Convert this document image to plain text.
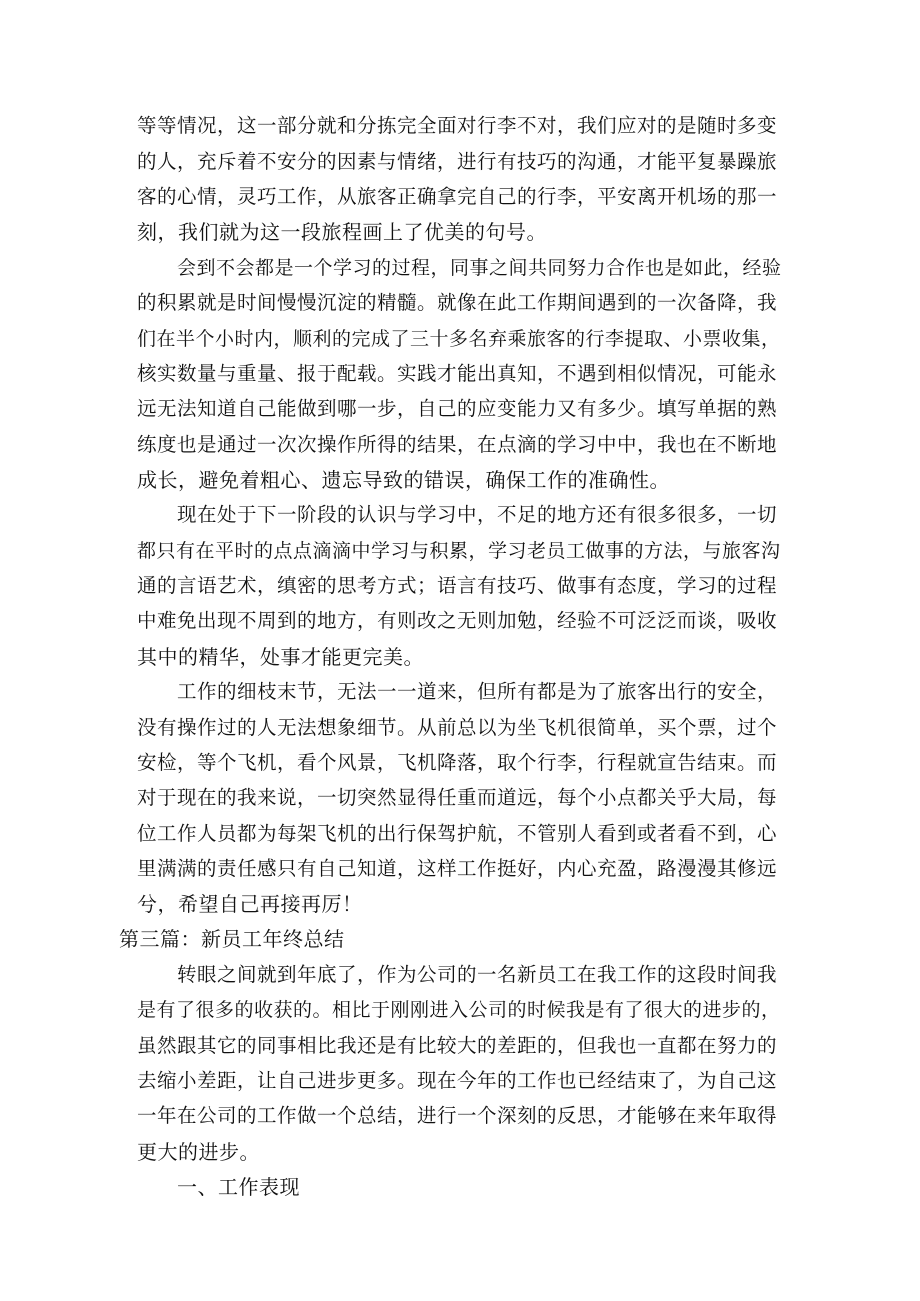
等等情况，这一部分就和分拣完全面对行李不对，我们应对的是随时多变
的人，充斥着不安分的因素与情绪，进行有技巧的沟通，才能平复暴躁旅
客的心情，灵巧工作，从旅客正确拿完自己的行李，平安离开机场的那一
刻，我们就为这一段旅程画上了优美的句号。
会到不会都是一个学习的过程，同事之间共同努力合作也是如此，经验
的积累就是时间慢慢沉淀的精髓。就像在此工作期间遇到的一次备降，我
们在半个小时内，顺利的完成了三十多名弃乘旅客的行李提取、小票收集，
核实数量与重量、报于配载。实践才能出真知，不遇到相似情况，可能永
远无法知道自己能做到哪一步，自己的应变能力又有多少。填写单据的熟
练度也是通过一次次操作所得的结果，在点滴的学习中中，我也在不断地
成长，避免着粗心、遗忘导致的错误，确保工作的准确性。
现在处于下一阶段的认识与学习中，不足的地方还有很多很多，一切
都只有在平时的点点滴滴中学习与积累，学习老员工做事的方法，与旅客沟
通的言语艺术，缜密的思考方式；语言有技巧、做事有态度，学习的过程
中难免出现不周到的地方，有则改之无则加勉，经验不可泛泛而谈，吸收
其中的精华，处事才能更完美。
工作的细枝末节，无法一一道来，但所有都是为了旅客出行的安全，
没有操作过的人无法想象细节。从前总以为坐飞机很简单，买个票，过个
安检，等个飞机，看个风景，飞机降落，取个行李，行程就宣告结束。而
对于现在的我来说，一切突然显得任重而道远，每个小点都关乎大局，每
位工作人员都为每架飞机的出行保驾护航，不管别人看到或者看不到，心
里满满的责任感只有自己知道，这样工作挺好，内心充盈，路漫漫其修远
兮，希望自己再接再厉！
第三篇：新员工年终总结
转眼之间就到年底了，作为公司的一名新员工在我工作的这段时间我
是有了很多的收获的。相比于刚刚进入公司的时候我是有了很大的进步的，
虽然跟其它的同事相比我还是有比较大的差距的，但我也一直都在努力的
去缩小差距，让自己进步更多。现在今年的工作也已经结束了，为自己这
一年在公司的工作做一个总结，进行一个深刻的反思，才能够在来年取得
更大的进步。
一、工作表现
